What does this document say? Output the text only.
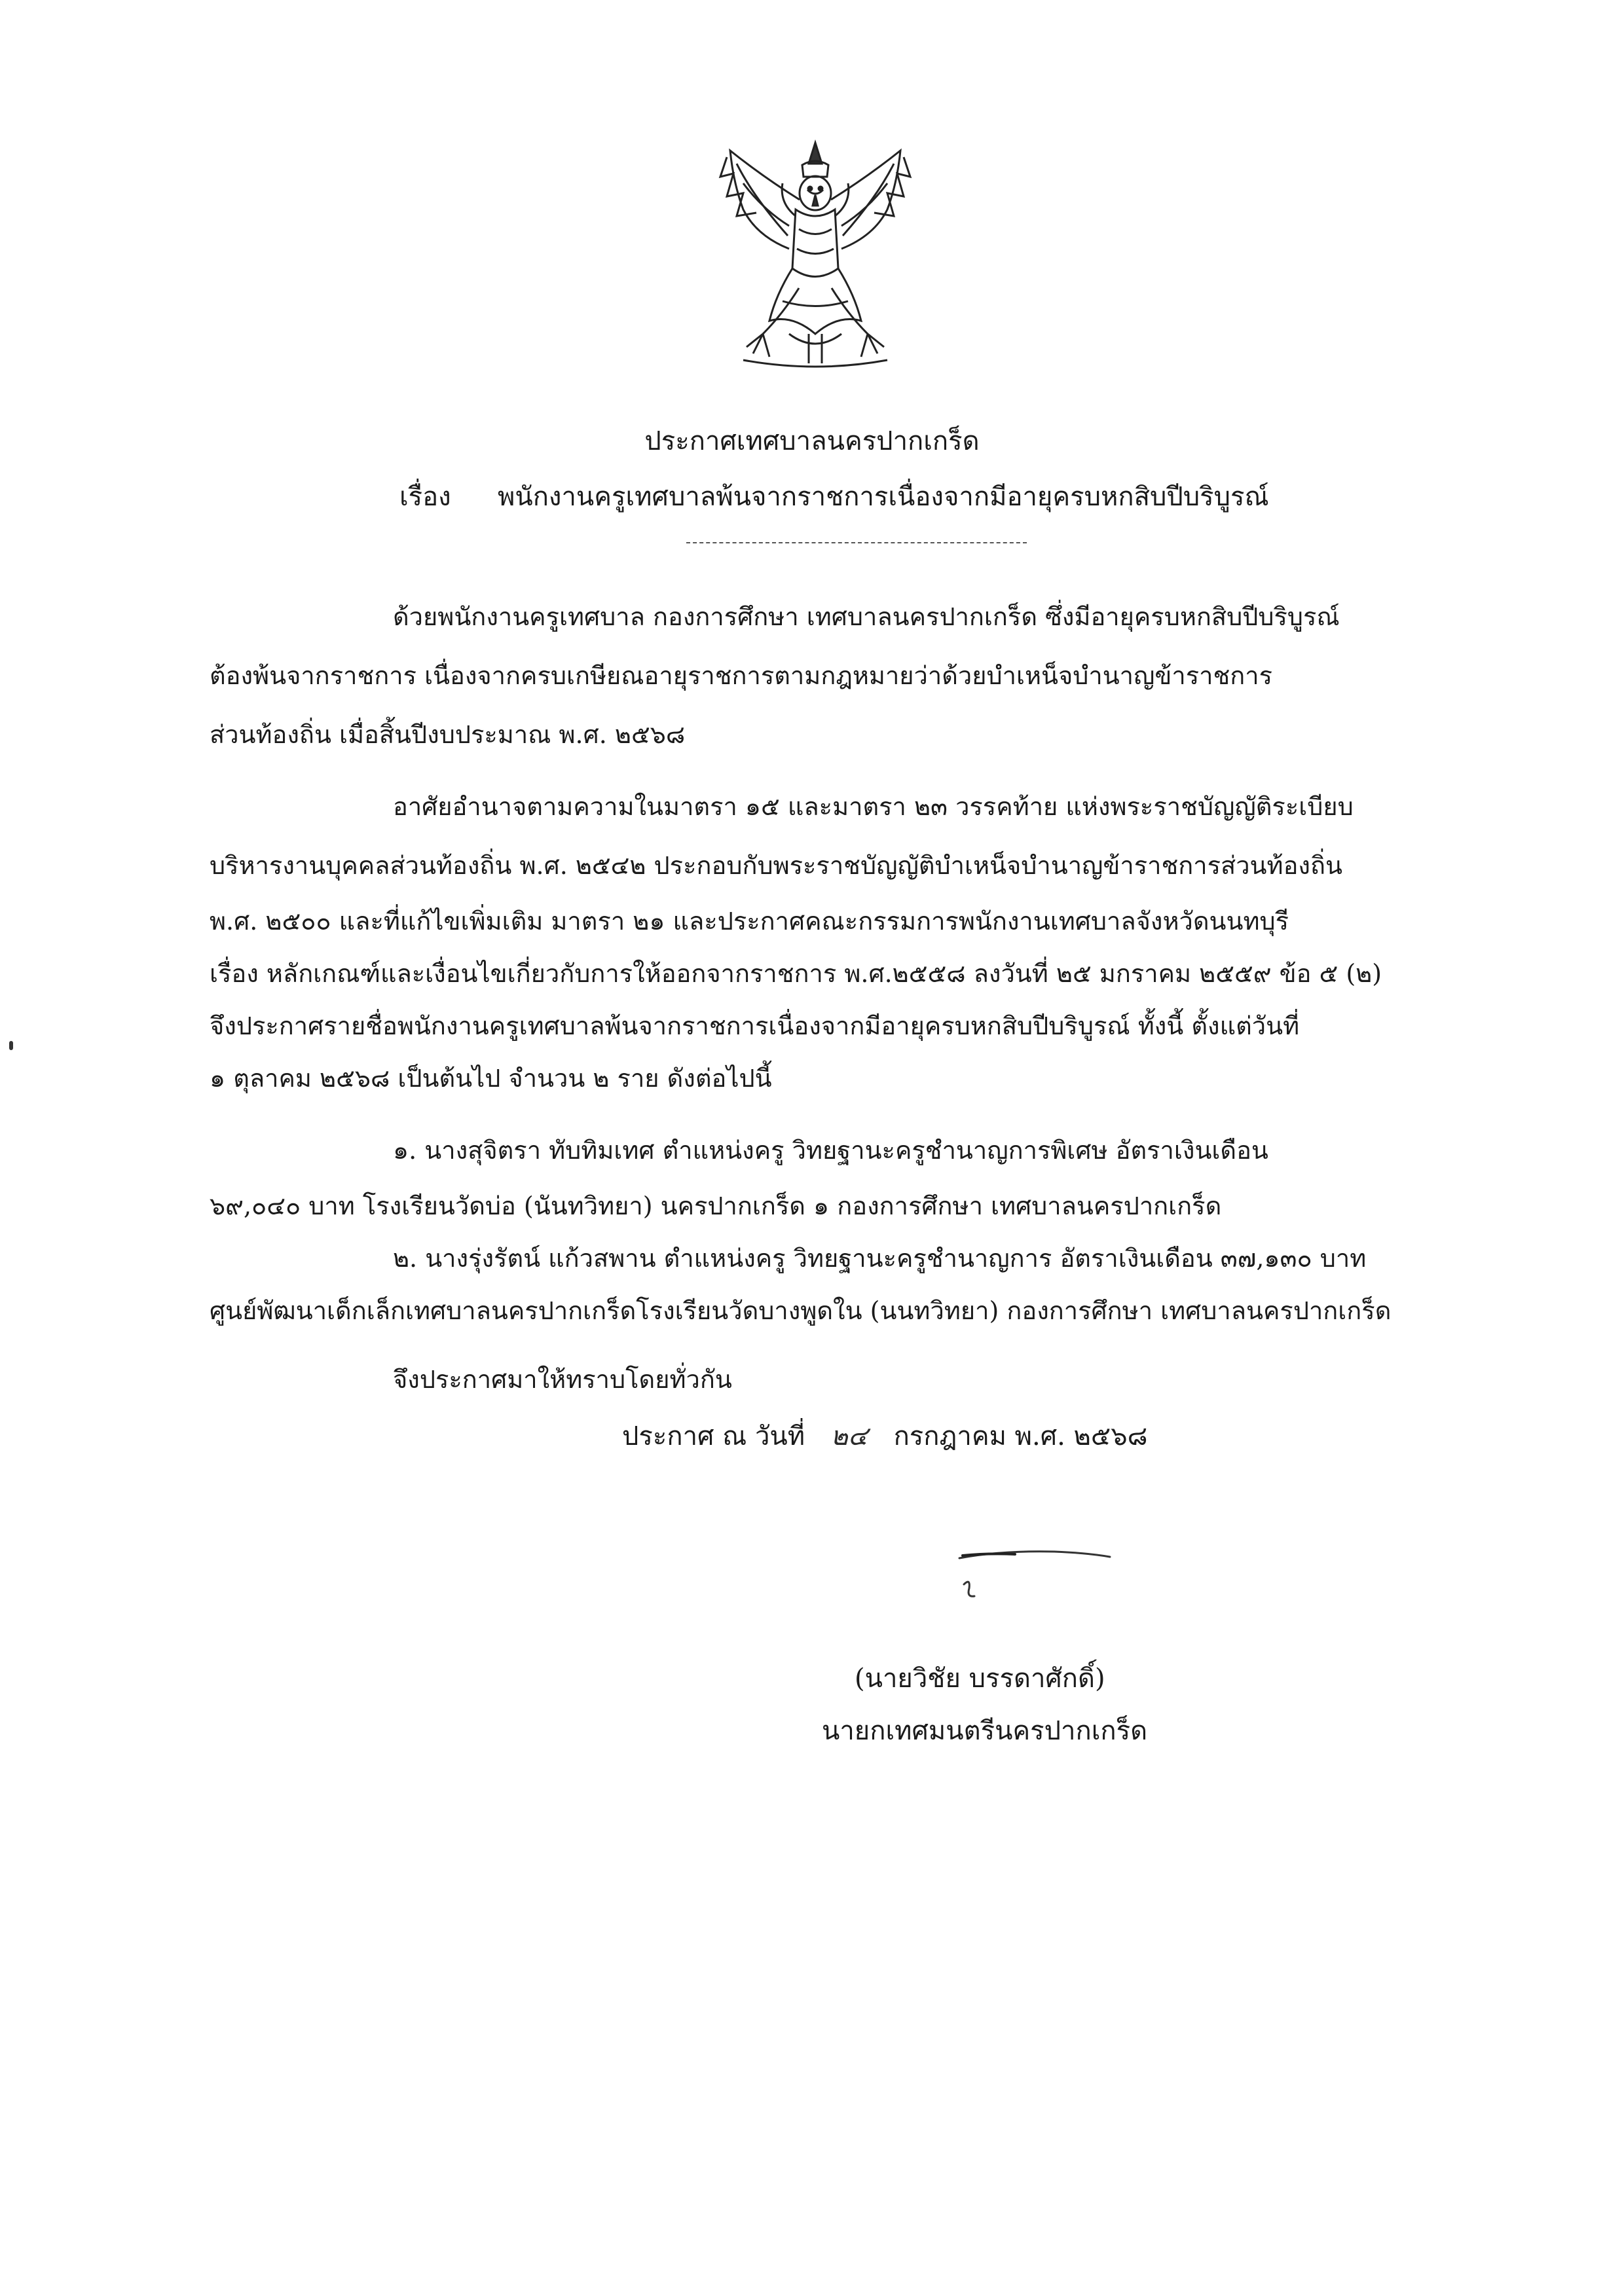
ประกาศเทศบาลนครปากเกร็ด
เรื่อง พนักงานครูเทศบาลพ้นจากราชการเนื่องจากมีอายุครบหกสิบปีบริบูรณ์
ด้วยพนักงานครูเทศบาล กองการศึกษา เทศบาลนครปากเกร็ด ซึ่งมีอายุครบหกสิบปีบริบูรณ์
ต้องพ้นจากราชการ เนื่องจากครบเกษียณอายุราชการตามกฎหมายว่าด้วยบำเหน็จบำนาญข้าราชการ
ส่วนท้องถิ่น เมื่อสิ้นปีงบประมาณ พ.ศ. ๒๕๖๘
อาศัยอำนาจตามความในมาตรา ๑๕ และมาตรา ๒๓ วรรคท้าย แห่งพระราชบัญญัติระเบียบ
บริหารงานบุคคลส่วนท้องถิ่น พ.ศ. ๒๕๔๒ ประกอบกับพระราชบัญญัติบำเหน็จบำนาญข้าราชการส่วนท้องถิ่น
พ.ศ. ๒๕๐๐ และที่แก้ไขเพิ่มเติม มาตรา ๒๑ และประกาศคณะกรรมการพนักงานเทศบาลจังหวัดนนทบุรี
เรื่อง หลักเกณฑ์และเงื่อนไขเกี่ยวกับการให้ออกจากราชการ พ.ศ.๒๕๕๘ ลงวันที่ ๒๕ มกราคม ๒๕๕๙ ข้อ ๕ (๒)
จึงประกาศรายชื่อพนักงานครูเทศบาลพ้นจากราชการเนื่องจากมีอายุครบหกสิบปีบริบูรณ์ ทั้งนี้ ตั้งแต่วันที่
๑ ตุลาคม ๒๕๖๘ เป็นต้นไป จำนวน ๒ ราย ดังต่อไปนี้
๑. นางสุจิตรา ทับทิมเทศ ตำแหน่งครู วิทยฐานะครูชำนาญการพิเศษ อัตราเงินเดือน
๖๙,๐๔๐ บาท โรงเรียนวัดบ่อ (นันทวิทยา) นครปากเกร็ด ๑ กองการศึกษา เทศบาลนครปากเกร็ด
๒. นางรุ่งรัตน์ แก้วสพาน ตำแหน่งครู วิทยฐานะครูชำนาญการ อัตราเงินเดือน ๓๗,๑๓๐ บาท
ศูนย์พัฒนาเด็กเล็กเทศบาลนครปากเกร็ดโรงเรียนวัดบางพูดใน (นนทวิทยา) กองการศึกษา เทศบาลนครปากเกร็ด
จึงประกาศมาให้ทราบโดยทั่วกัน
ประกาศ ณ วันที่ ๒๔ กรกฎาคม พ.ศ. ๒๕๖๘
(นายวิชัย บรรดาศักดิ์)
นายกเทศมนตรีนครปากเกร็ด
